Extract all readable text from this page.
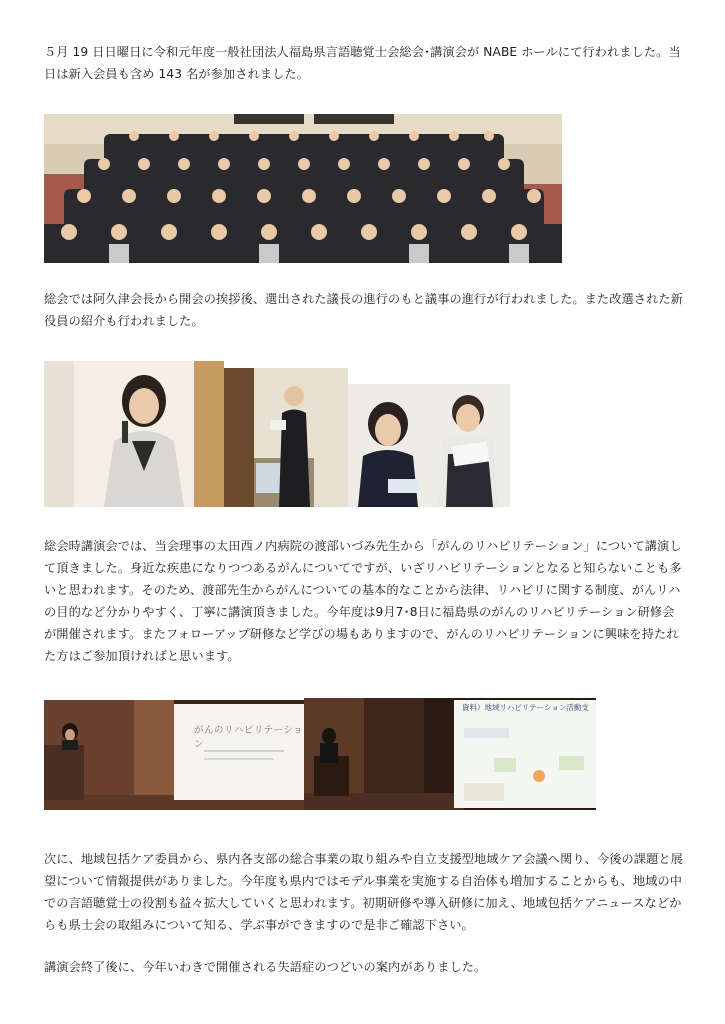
５月 19 日日曜日に令和元年度一般社団法人福島県言語聴覚士会総会･講演会が NABE ホールにて行われました。当日は新入会員も含め 143 名が参加されました。

総会では阿久津会長から開会の挨拶後、選出された議長の進行のもと議事の進行が行われました。また改選された新役員の紹介も行われました。

総会時講演会では、当会理事の太田西ノ内病院の渡部いづみ先生から「がんのリハビリテーション」について講演して頂きました。身近な疾患になりつつあるがんについてですが、いざリハビリテーションとなると知らないことも多いと思われます。そのため、渡部先生からがんについての基本的なことから法律、リハビリに関する制度、がんリハの目的など分かりやすく、丁寧に講演頂きました。今年度は9月7･8日に福島県のがんのリハビリテーション研修会が開催されます。またフォローアップ研修など学びの場もありますので、がんのリハビリテーションに興味を持たれた方はご参加頂ければと思います。

がんのリハビリテーション
資料）地域リハビリテーション活動支

次に、地域包括ケア委員から、県内各支部の総合事業の取り組みや自立支援型地域ケア会議へ関り、今後の課題と展望について情報提供がありました。今年度も県内ではモデル事業を実施する自治体も増加することからも、地域の中での言語聴覚士の役割も益々拡大していくと思われます。初期研修や導入研修に加え、地域包括ケアニュースなどからも県士会の取組みについて知る、学ぶ事ができますので是非ご確認下さい。

講演会終了後に、今年いわきで開催される失語症のつどいの案内がありました。
